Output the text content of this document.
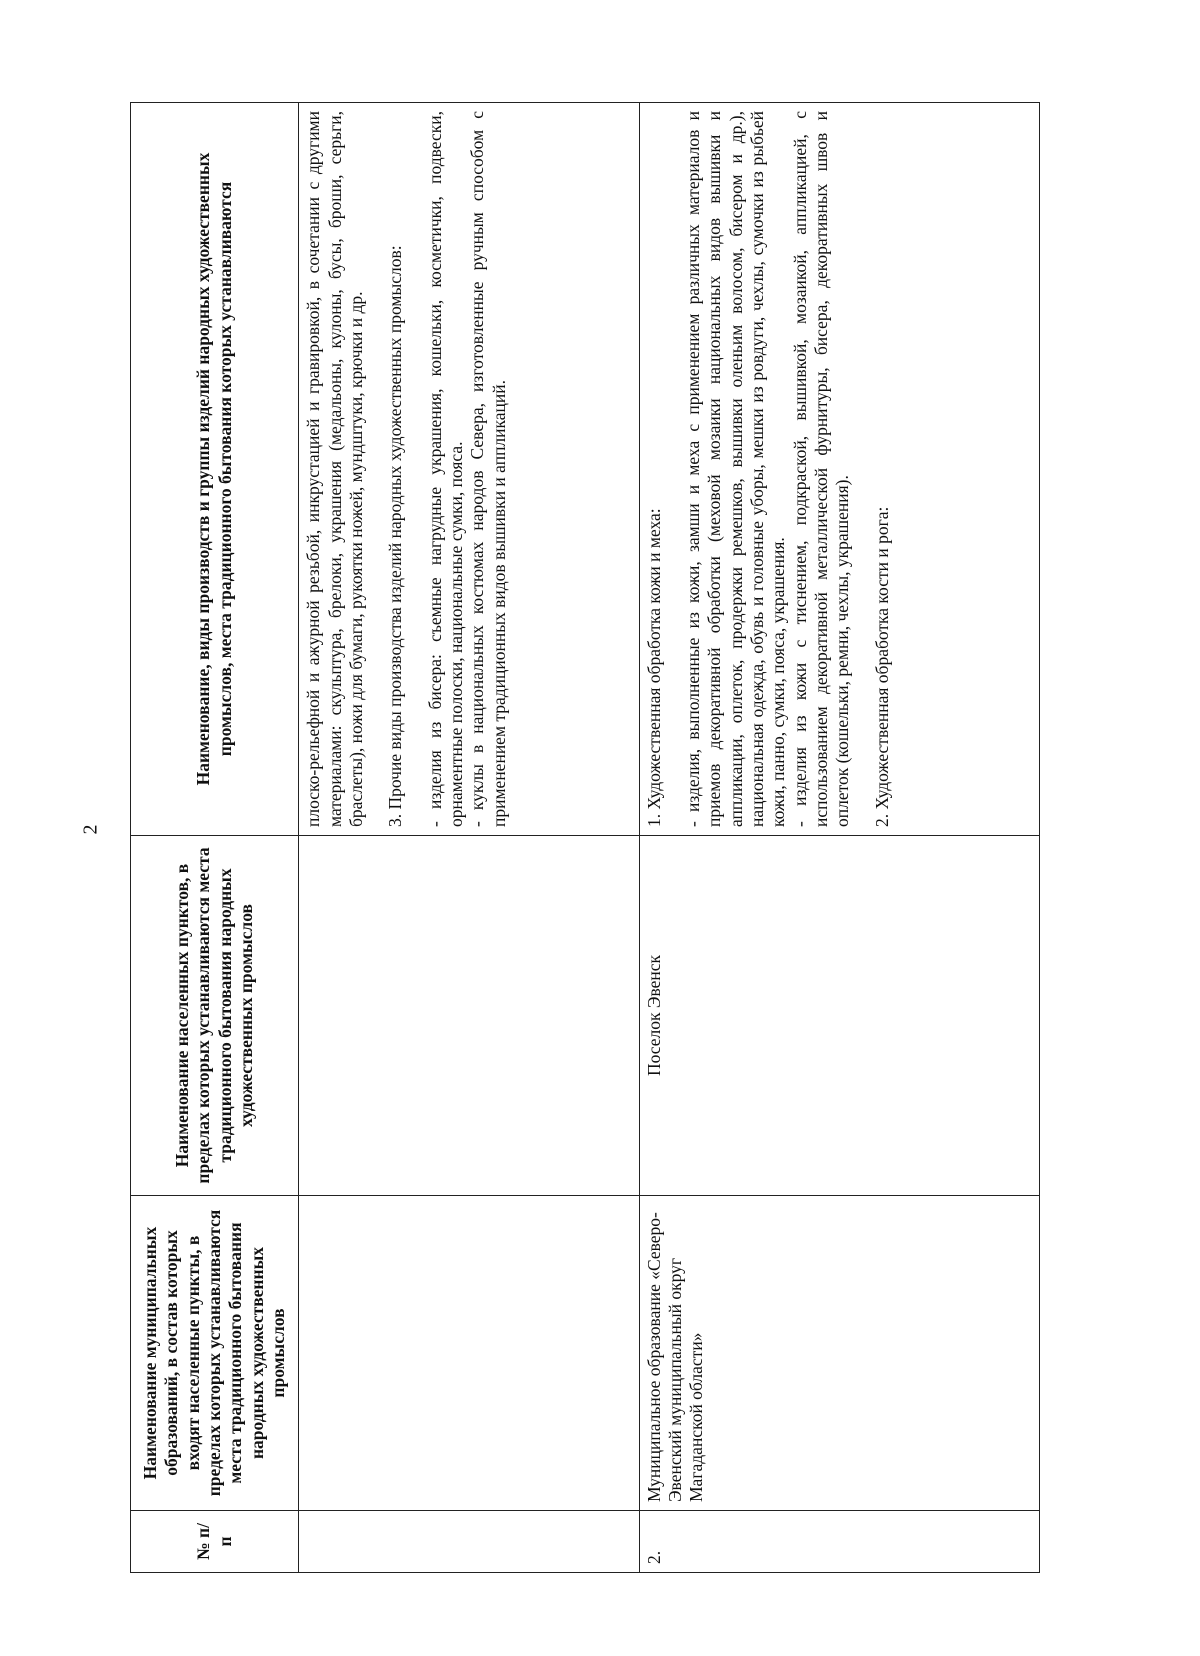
2
№ п/п	Наименование муниципальных образований, в состав которых входят населенные пункты, в пределах которых устанавливаются места традиционного бытования народных художественных промыслов	Наименование населенных пунктов, в пределах которых устанавливаются места традиционного бытования народных художественных промыслов	Наименование, виды производств и группы изделий народных художественных промыслов, места традиционного бытования которых устанавливаются

			плоско-рельефной и ажурной резьбой, инкрустацией и гравировкой, в сочетании с другими материалами: скульптура, брелоки, украшения (медальоны, кулоны, бусы, броши, серьги, браслеты), ножи для бумаги, рукоятки ножей, мундштуки, крючки и др. 3. Прочие виды производства изделий народных художественных промыслов: - изделия из бисера: съемные нагрудные украшения, кошельки, косметички, подвески, орнаментные полоски, национальные сумки, пояса. - куклы в национальных костюмах народов Севера, изготовленные ручным способом с применением традиционных видов вышивки и аппликаций.

2.	Муниципальное образование «Северо-Эвенский муниципальный округ Магаданской области»	Поселок Эвенск	1. Художественная обработка кожи и меха: - изделия, выполненные из кожи, замши и меха с применением различных материалов и приемов декоративной обработки (меховой мозаики национальных видов вышивки и аппликации, оплеток, продержки ремешков, вышивки оленьим волосом, бисером и др.), национальная одежда, обувь и головные уборы, мешки из ровдуги, чехлы, сумочки из рыбьей кожи, панно, сумки, пояса, украшения. - изделия из кожи с тиснением, подкраской, вышивкой, мозаикой, аппликацией, с использованием декоративной металлической фурнитуры, бисера, декоративных швов и оплеток (кошельки, ремни, чехлы, украшения). 2. Художественная обработка кости и рога:
